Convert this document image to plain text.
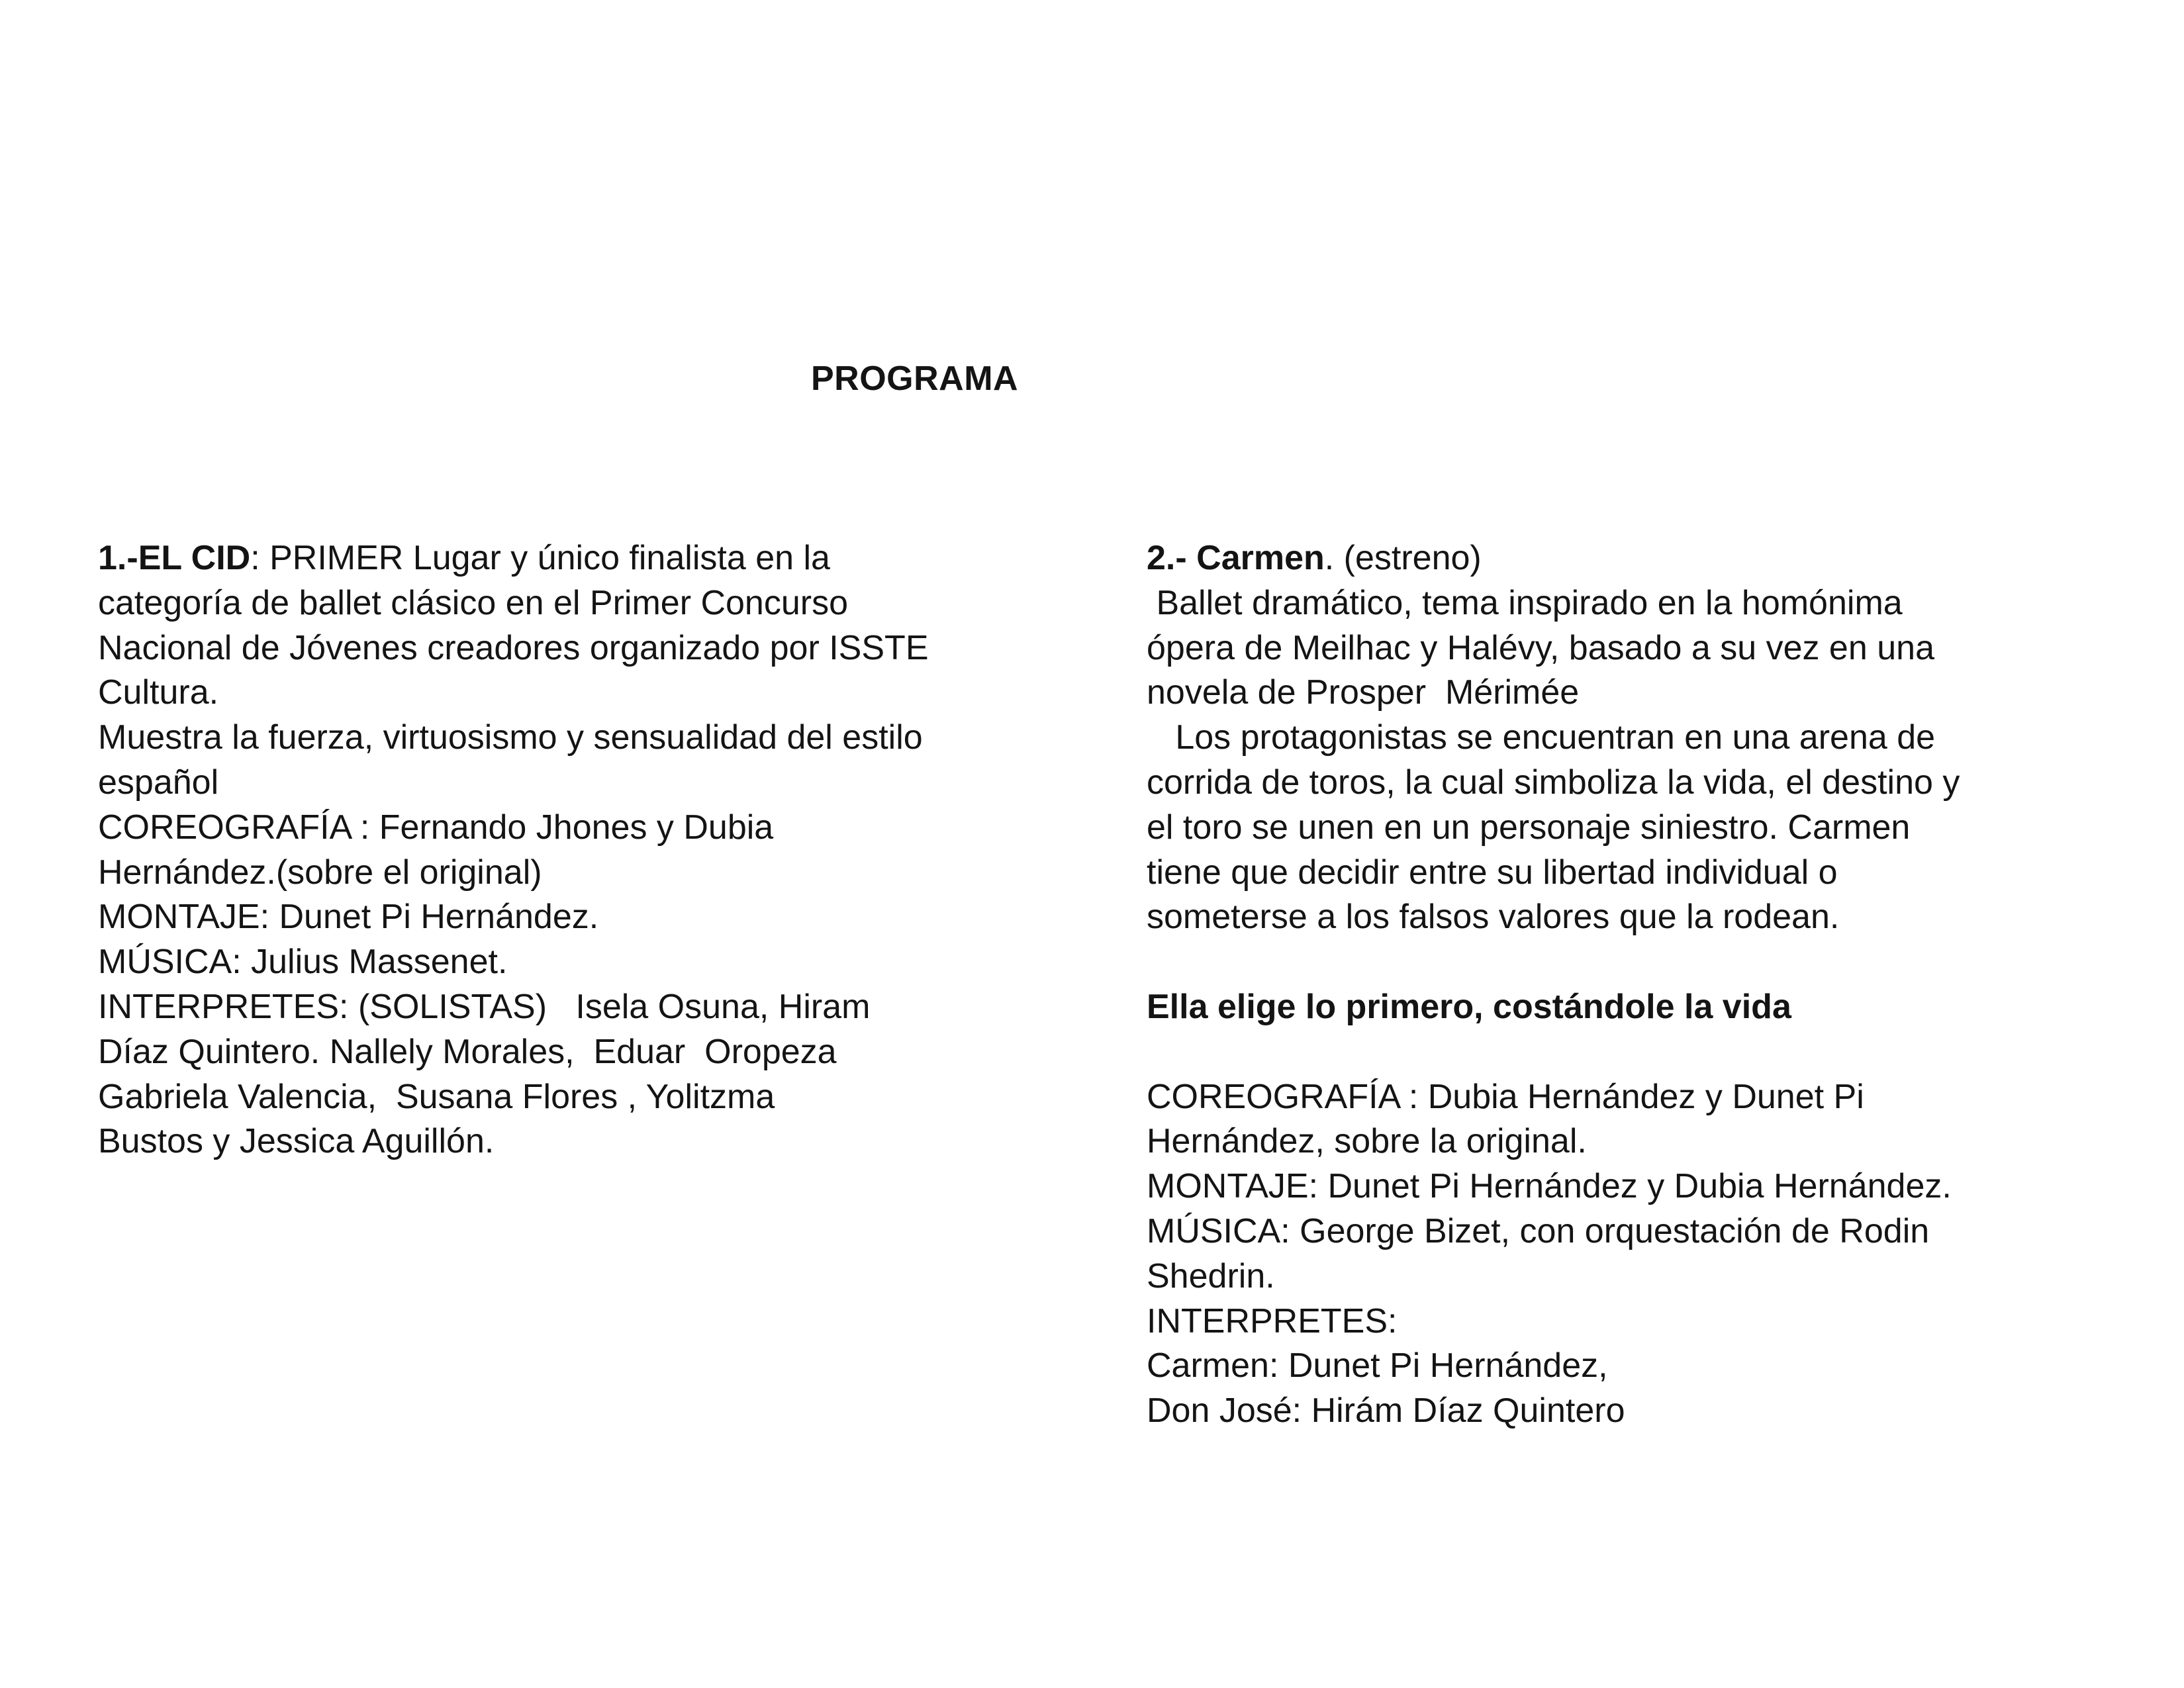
PROGRAMA
1.-EL CID: PRIMER Lugar y único finalista en la
categoría de ballet clásico en el Primer Concurso
Nacional de Jóvenes creadores organizado por ISSTE
Cultura.
Muestra la fuerza, virtuosismo y sensualidad del estilo
español
COREOGRAFÍA : Fernando Jhones y Dubia
Hernández.(sobre el original)
MONTAJE: Dunet Pi Hernández.
MÚSICA: Julius Massenet.
INTERPRETES: (SOLISTAS)   Isela Osuna, Hiram
Díaz Quintero. Nallely Morales,  Eduar  Oropeza
Gabriela Valencia,  Susana Flores , Yolitzma
Bustos y Jessica Aguillón.
2.- Carmen. (estreno)
Ballet dramático, tema inspirado en la homónima
ópera de Meilhac y Halévy, basado a su vez en una
novela de Prosper  Mérimée
Los protagonistas se encuentran en una arena de
corrida de toros, la cual simboliza la vida, el destino y
el toro se unen en un personaje siniestro. Carmen
tiene que decidir entre su libertad individual o
someterse a los falsos valores que la rodean.
Ella elige lo primero, costándole la vida
COREOGRAFÍA : Dubia Hernández y Dunet Pi
Hernández, sobre la original.
MONTAJE: Dunet Pi Hernández y Dubia Hernández.
MÚSICA: George Bizet, con orquestación de Rodin
Shedrin.
INTERPRETES:
Carmen: Dunet Pi Hernández,
Don José: Hirám Díaz Quintero
